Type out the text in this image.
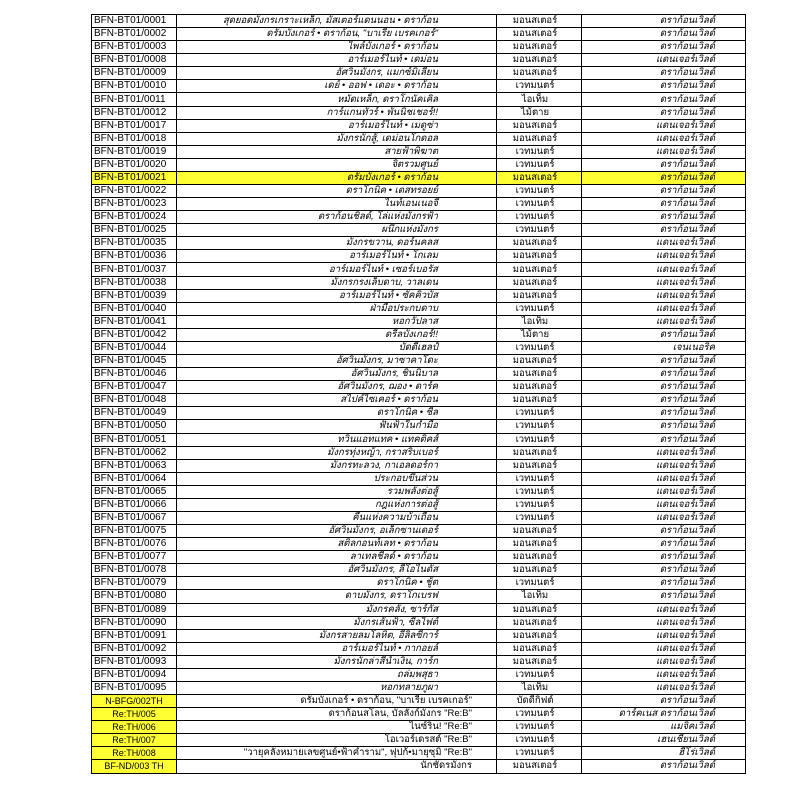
BFN-BT01/0001	สุดยอดมังกรเกราะเหล็ก, มัสเตอร์แดนนอน • ดราก้อน	มอนสเตอร์	ดราก้อนเวิลด์
BFN-BT01/0002	ดรัมบังเกอร์ • ดราก้อน, "บาเรีย เบรคเกอร์"	มอนสเตอร์	ดราก้อนเวิลด์
BFN-BT01/0003	ไพล์บังเกอร์ • ดราก้อน	มอนสเตอร์	ดราก้อนเวิลด์
BFN-BT01/0008	อาร์เมอร์ไนท์ • เดม่อน	มอนสเตอร์	แดนเจอร์เวิลด์
BFN-BT01/0009	อัศวินมังกร, แมกซ์มิเลียน	มอนสเตอร์	ดราก้อนเวิลด์
BFN-BT01/0010	เดย์ • ออฟ • เดอะ • ดราก้อน	เวทมนตร์	ดราก้อนเวิลด์
BFN-BT01/0011	หมัดเหล็ก, ดราโกนัคเคิล	ไอเท็ม	ดราก้อนเวิลด์
BFN-BT01/0012	การ์แกนทัวร์ • พันนิชเชอร์!!	ไม้ตาย	ดราก้อนเวิลด์
BFN-BT01/0017	อาร์เมอร์ไนท์ • เมดูซ่า	มอนสเตอร์	แดนเจอร์เวิลด์
BFN-BT01/0018	มังกรนักสู้, เดม่อนโกดอล	มอนสเตอร์	แดนเจอร์เวิลด์
BFN-BT01/0019	สายฟ้าพิฆาต	เวทมนตร์	แดนเจอร์เวิลด์
BFN-BT01/0020	จิตรวมศูนย์	เวทมนตร์	ดราก้อนเวิลด์
BFN-BT01/0021	ดรัมบังเกอร์ • ดราก้อน	มอนสเตอร์	ดราก้อนเวิลด์
BFN-BT01/0022	ดราโกนิค • เดสทรอยย์	เวทมนตร์	ดราก้อนเวิลด์
BFN-BT01/0023	ไนท์เอนเนอจี้	เวทมนตร์	ดราก้อนเวิลด์
BFN-BT01/0024	ดราก้อนชิลด์, โล่แห่งมังกรฟ้า	เวทมนตร์	ดราก้อนเวิลด์
BFN-BT01/0025	ผนึกแห่งมังกร	เวทมนตร์	ดราก้อนเวิลด์
BFN-BT01/0035	มังกรขวาน, ดอร์นคลส	มอนสเตอร์	แดนเจอร์เวิลด์
BFN-BT01/0036	อาร์เมอร์ไนท์ • โกเลม	มอนสเตอร์	แดนเจอร์เวิลด์
BFN-BT01/0037	อาร์เมอร์ไนท์ • เซอร์เบอรัส	มอนสเตอร์	แดนเจอร์เวิลด์
BFN-BT01/0038	มังกรกรงเล็บดาบ, วาลเดน	มอนสเตอร์	แดนเจอร์เวิลด์
BFN-BT01/0039	อาร์เมอร์ไนท์ • ซัคคิวบัส	มอนสเตอร์	แดนเจอร์เวิลด์
BFN-BT01/0040	ฝ่ามือประกบดาบ	เวทมนตร์	แดนเจอร์เวิลด์
BFN-BT01/0041	หอกวัปลาส	ไอเท็ม	แดนเจอร์เวิลด์
BFN-BT01/0042	ดรีลบังเกอร์!!	ไม้ตาย	ดราก้อนเวิลด์
BFN-BT01/0044	บัดดี้เฮลป์	เวทมนตร์	เจนเนอริค
BFN-BT01/0045	อัศวินมังกร, มาซาคาโดะ	มอนสเตอร์	ดราก้อนเวิลด์
BFN-BT01/0046	อัศวินมังกร, ชินนิบาล	มอนสเตอร์	ดราก้อนเวิลด์
BFN-BT01/0047	อัศวินมังกร, ฌอง • ดาร์ค	มอนสเตอร์	ดราก้อนเวิลด์
BFN-BT01/0048	สไปค์ไซเคอร์ • ดราก้อน	มอนสเตอร์	ดราก้อนเวิลด์
BFN-BT01/0049	ดราโกนิค • ชีล	เวทมนตร์	ดราก้อนเวิลด์
BFN-BT01/0050	ฟันฟ้าในกำมือ	เวทมนตร์	ดราก้อนเวิลด์
BFN-BT01/0051	ทวินแอทแทค • แทคติคส์	เวทมนตร์	ดราก้อนเวิลด์
BFN-BT01/0062	มังกรทุ่งหญ้า, กราสริบเบอร์	มอนสเตอร์	แดนเจอร์เวิลด์
BFN-BT01/0063	มังกรทะลวง, กาเอลดอร์กา	มอนสเตอร์	แดนเจอร์เวิลด์
BFN-BT01/0064	ประกอบขึ้นส่วน	เวทมนตร์	แดนเจอร์เวิลด์
BFN-BT01/0065	รวมพลังต่อสู้	เวทมนตร์	แดนเจอร์เวิลด์
BFN-BT01/0066	กฎแห่งการต่อสู้	เวทมนตร์	แดนเจอร์เวิลด์
BFN-BT01/0067	คืนแห่งความบ้าเถื่อน	เวทมนตร์	แดนเจอร์เวิลด์
BFN-BT01/0075	อัศวินมังกร, อเล็กซานเดอร์	มอนสเตอร์	ดราก้อนเวิลด์
BFN-BT01/0076	สติลกอนท์เลท • ดราก้อน	มอนสเตอร์	ดราก้อนเวิลด์
BFN-BT01/0077	ลาเทลชีลด์ • ดราก้อน	มอนสเตอร์	ดราก้อนเวิลด์
BFN-BT01/0078	อัศวินมังกร, ลีโอไนดัส	มอนสเตอร์	ดราก้อนเวิลด์
BFN-BT01/0079	ดราโกนิค • ชู้ต	เวทมนตร์	ดราก้อนเวิลด์
BFN-BT01/0080	ดาบมังกร, ดราโกเบรฟ	ไอเท็ม	ดราก้อนเวิลด์
BFN-BT01/0089	มังกรคลั่ง, ซาร์กัส	มอนสเตอร์	แดนเจอร์เวิลด์
BFN-BT01/0090	มังกรเส้นฟ้า, ซีลไฟต์	มอนสเตอร์	แดนเจอร์เวิลด์
BFN-BT01/0091	มังกรสายลมโลหิต, อีลิลซีการ์	มอนสเตอร์	แดนเจอร์เวิลด์
BFN-BT01/0092	อาร์เมอร์ไนท์ • กากอยล์	มอนสเตอร์	แดนเจอร์เวิลด์
BFN-BT01/0093	มังกรนักล่าสีน้ำเงิน, การ์ก	มอนสเตอร์	แดนเจอร์เวิลด์
BFN-BT01/0094	ถล่มพสุธา	เวทมนตร์	แดนเจอร์เวิลด์
BFN-BT01/0095	หอกทลายภูผา	ไอเท็ม	แดนเจอร์เวิลด์
N-BFG/002TH	ดรัมบังเกอร์ • ดราก้อน, "บาเรีย เบรคเกอร์"	บัดดี้กิฟต์	ดราก้อนเวิลด์
Re:TH/005	ดราก้อนสโลน, บัลลังก์มังกร "Re:B"	เวทมนตร์	ดาร์คเนส ดราก้อนเวิลด์
Re:TH/006	ไนซ์ริน! "Re:B"	เวทมนตร์	แมจิคเวิลด์
Re:TH/007	โอเวอร์เดรสต์ "Re:B"	เวทมนตร์	เฮนเชี่ยนเวิลด์
Re:TH/008	"วายุคลั่งหมายเลขศูนย์•ฟ้าคำราม", ฟุปก้•มายุซุมิ "Re:B"	เวทมนตร์	ฮีโร่เวิลด์
BF-ND/003 TH	นักชัดรมังกร	มอนสเตอร์	ดราก้อนเวิลด์
